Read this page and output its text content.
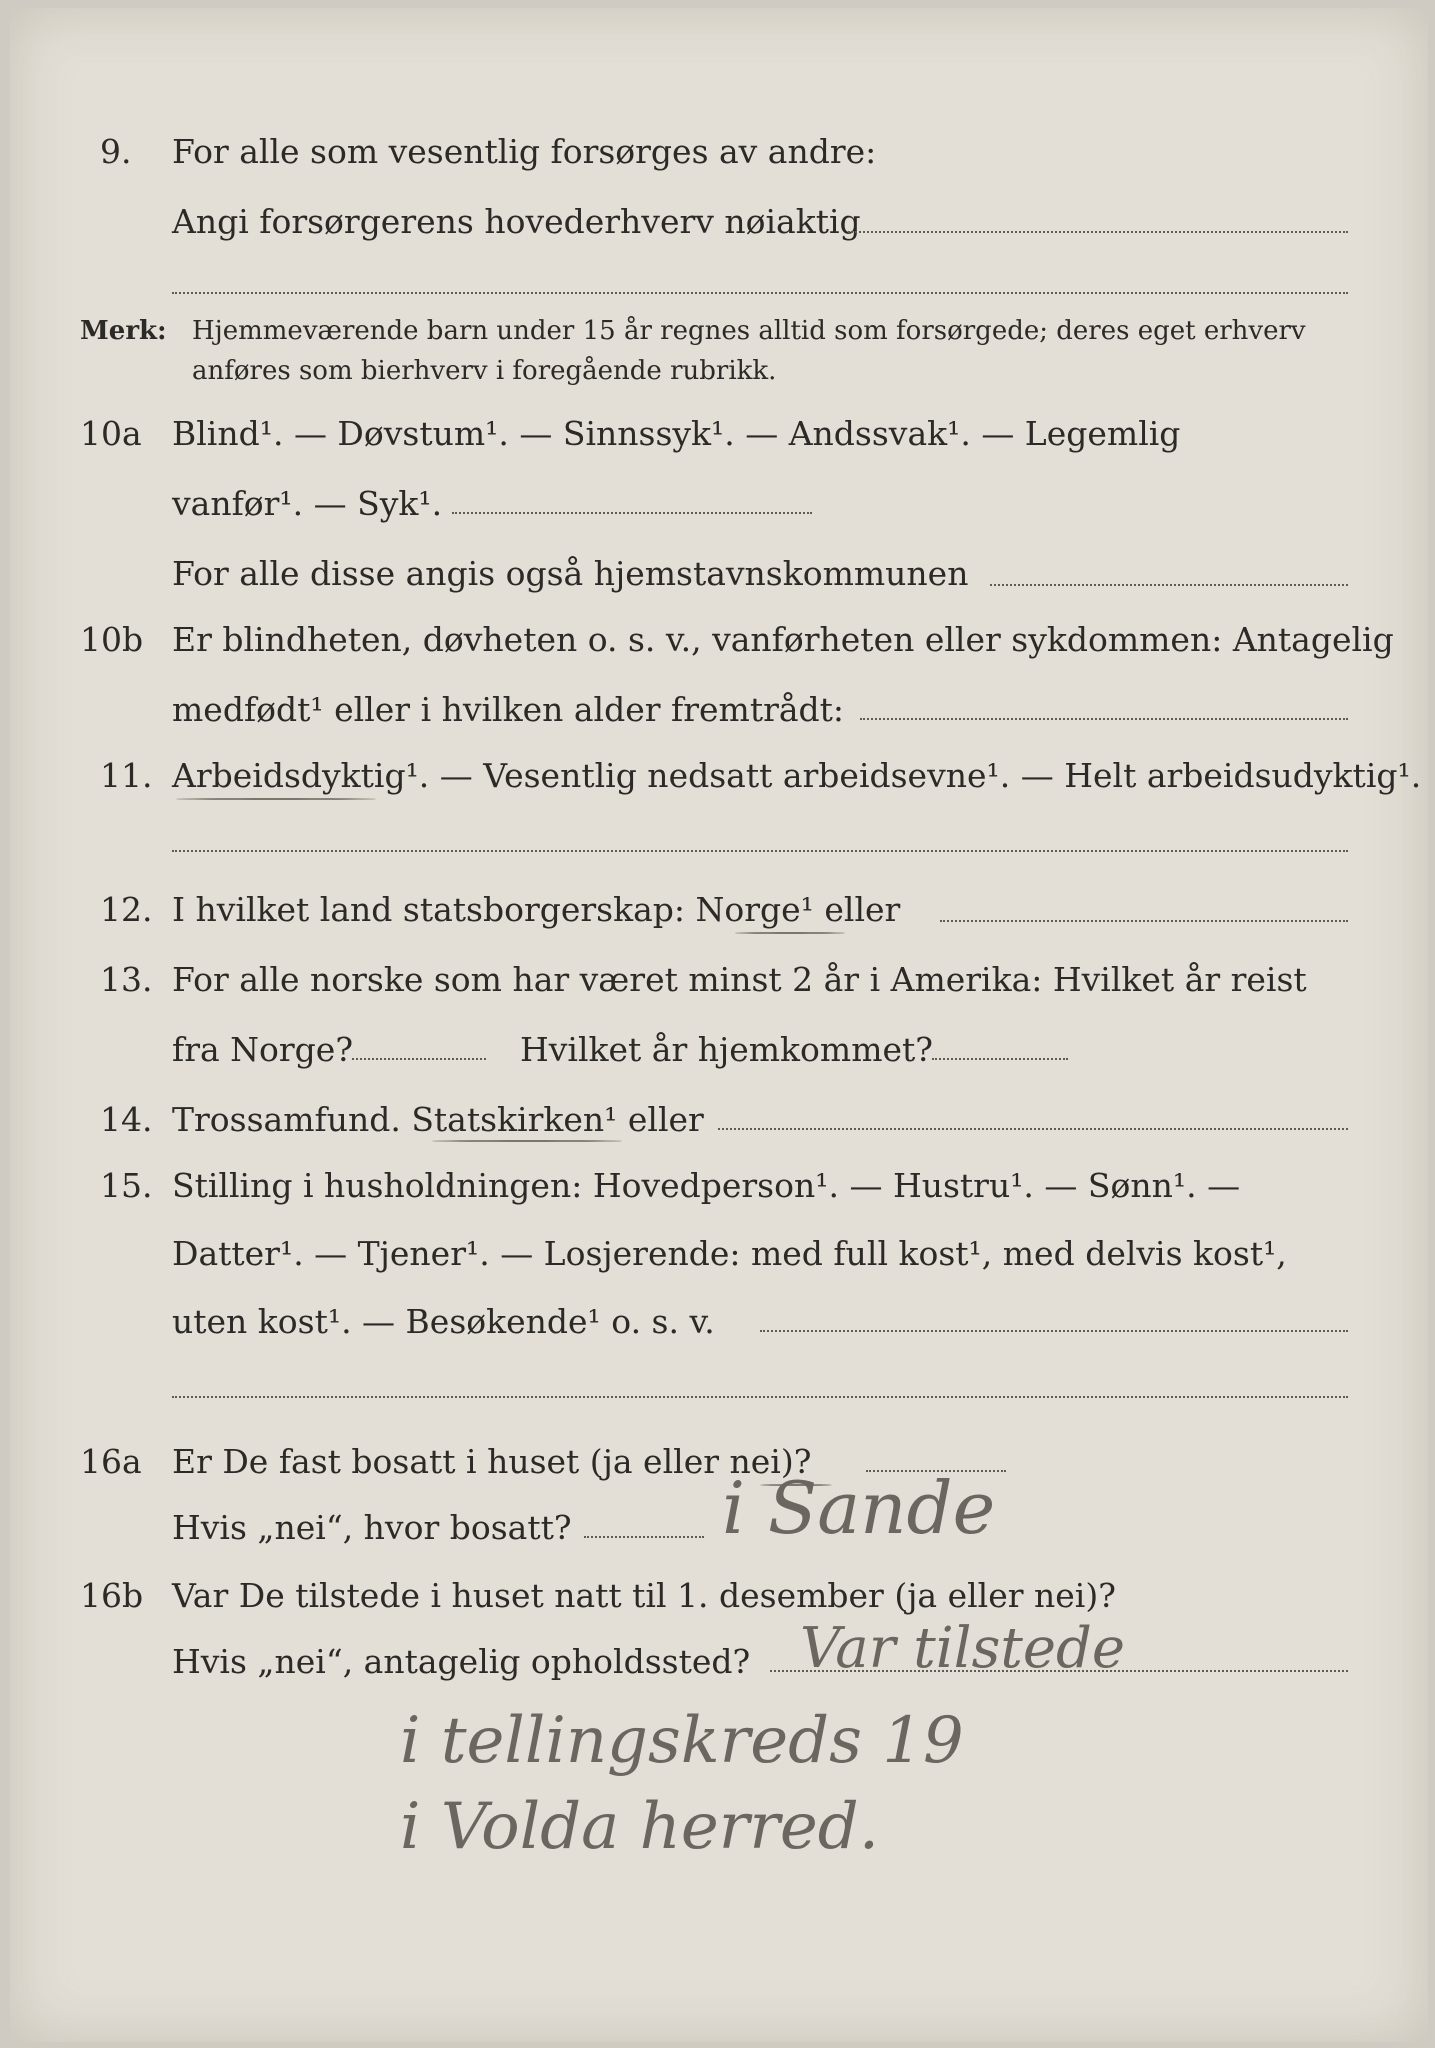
9. For alle som vesentlig forsørges av andre:
Angi forsørgerens hovederhverv nøiaktig
Merk: Hjemmeværende barn under 15 år regnes alltid som forsørgede; deres eget erhverv
anføres som bierhverv i foregående rubrikk.
10a Blind¹. — Døvstum¹. — Sinnssyk¹. — Andssvak¹. — Legemlig
vanfør¹. — Syk¹.
For alle disse angis også hjemstavnskommunen
10b Er blindheten, døvheten o. s. v., vanførheten eller sykdommen: Antagelig
medfødt¹ eller i hvilken alder fremtrådt:
11. Arbeidsdyktig¹. — Vesentlig nedsatt arbeidsevne¹. — Helt arbeidsudyktig¹.
12. I hvilket land statsborgerskap: Norge¹ eller
13. For alle norske som har været minst 2 år i Amerika: Hvilket år reist
fra Norge?	Hvilket år hjemkommet?
14. Trossamfund. Statskirken¹ eller
15. Stilling i husholdningen: Hovedperson¹. — Hustru¹. — Sønn¹. —
Datter¹. — Tjener¹. — Losjerende: med full kost¹, med delvis kost¹,
uten kost¹. — Besøkende¹ o. s. v.
16a Er De fast bosatt i huset (ja eller nei)?
Hvis „nei“, hvor bosatt? i Sande
16b Var De tilstede i huset natt til 1. desember (ja eller nei)?
Hvis „nei“, antagelig opholdssted? Var tilstede
i tellingskreds 19
i Volda herred.
